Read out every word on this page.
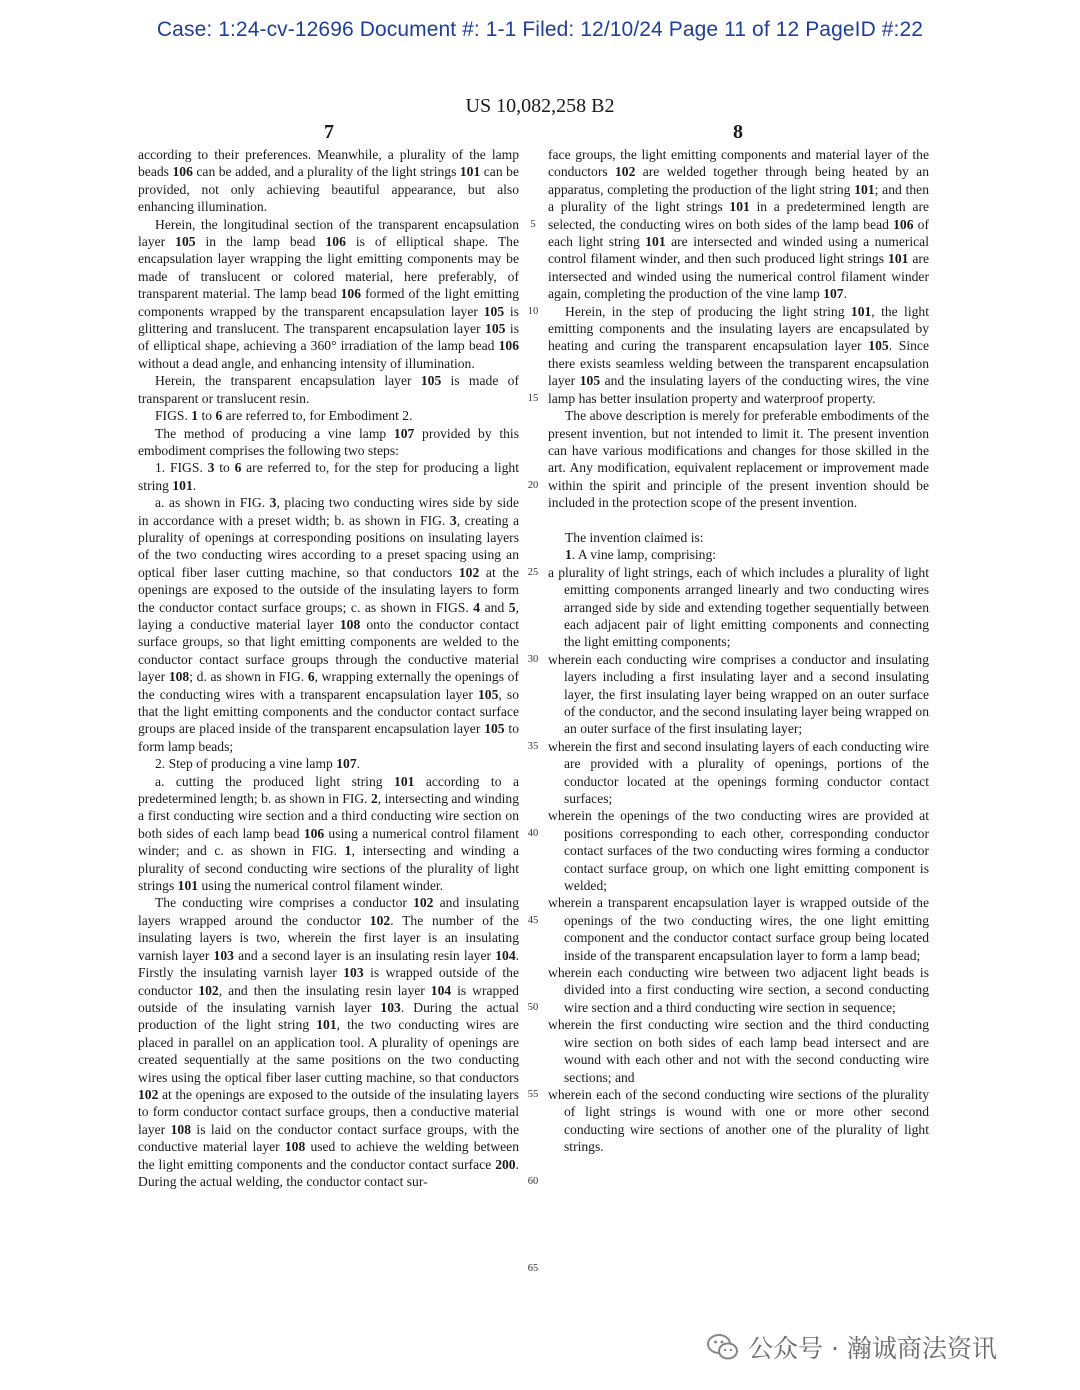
Case: 1:24-cv-12696 Document #: 1-1 Filed: 12/10/24 Page 11 of 12 PageID #:22
US 10,082,258 B2
7	8

according to their preferences. Meanwhile, a plurality of the lamp beads 106 can be added, and a plurality of the light strings 101 can be provided, not only achieving beautiful appearance, but also enhancing illumination.

Herein, the longitudinal section of the transparent encapsulation layer 105 in the lamp bead 106 is of elliptical shape. The encapsulation layer wrapping the light emitting components may be made of translucent or colored material, here preferably, of transparent material. The lamp bead 106 formed of the light emitting components wrapped by the transparent encapsulation layer 105 is glittering and translucent. The transparent encapsulation layer 105 is of elliptical shape, achieving a 360° irradiation of the lamp bead 106 without a dead angle, and enhancing intensity of illumination.

Herein, the transparent encapsulation layer 105 is made of transparent or translucent resin.

FIGS. 1 to 6 are referred to, for Embodiment 2.

The method of producing a vine lamp 107 provided by this embodiment comprises the following two steps:

1. FIGS. 3 to 6 are referred to, for the step for producing a light string 101.

a. as shown in FIG. 3, placing two conducting wires side by side in accordance with a preset width; b. as shown in FIG. 3, creating a plurality of openings at corresponding positions on insulating layers of the two conducting wires according to a preset spacing using an optical fiber laser cutting machine, so that conductors 102 at the openings are exposed to the outside of the insulating layers to form the conductor contact surface groups; c. as shown in FIGS. 4 and 5, laying a conductive material layer 108 onto the conductor contact surface groups, so that light emitting components are welded to the conductor contact surface groups through the conductive material layer 108; d. as shown in FIG. 6, wrapping externally the openings of the conducting wires with a transparent encapsulation layer 105, so that the light emitting components and the conductor contact surface groups are placed inside of the transparent encapsulation layer 105 to form lamp beads;

2. Step of producing a vine lamp 107.

a. cutting the produced light string 101 according to a predetermined length; b. as shown in FIG. 2, intersecting and winding a first conducting wire section and a third conducting wire section on both sides of each lamp bead 106 using a numerical control filament winder; and c. as shown in FIG. 1, intersecting and winding a plurality of second conducting wire sections of the plurality of light strings 101 using the numerical control filament winder.

The conducting wire comprises a conductor 102 and insulating layers wrapped around the conductor 102. The number of the insulating layers is two, wherein the first layer is an insulating varnish layer 103 and a second layer is an insulating resin layer 104. Firstly the insulating varnish layer 103 is wrapped outside of the conductor 102, and then the insulating resin layer 104 is wrapped outside of the insulating varnish layer 103. During the actual production of the light string 101, the two conducting wires are placed in parallel on an application tool. A plurality of openings are created sequentially at the same positions on the two conducting wires using the optical fiber laser cutting machine, so that conductors 102 at the openings are exposed to the outside of the insulating layers to form conductor contact surface groups, then a conductive material layer 108 is laid on the conductor contact surface groups, with the conductive material layer 108 used to achieve the welding between the light emitting components and the conductor contact surface 200. During the actual welding, the conductor contact sur-

face groups, the light emitting components and material layer of the conductors 102 are welded together through being heated by an apparatus, completing the production of the light string 101; and then a plurality of the light strings 101 in a predetermined length are selected, the conducting wires on both sides of the lamp bead 106 of each light string 101 are intersected and winded using a numerical control filament winder, and then such produced light strings 101 are intersected and winded using the numerical control filament winder again, completing the production of the vine lamp 107.

Herein, in the step of producing the light string 101, the light emitting components and the insulating layers are encapsulated by heating and curing the transparent encapsulation layer 105. Since there exists seamless welding between the transparent encapsulation layer 105 and the insulating layers of the conducting wires, the vine lamp has better insulation property and waterproof property.

The above description is merely for preferable embodiments of the present invention, but not intended to limit it. The present invention can have various modifications and changes for those skilled in the art. Any modification, equivalent replacement or improvement made within the spirit and principle of the present invention should be included in the protection scope of the present invention.

The invention claimed is:

1. A vine lamp, comprising:

a plurality of light strings, each of which includes a plurality of light emitting components arranged linearly and two conducting wires arranged side by side and extending together sequentially between each adjacent pair of light emitting components and connecting the light emitting components;

wherein each conducting wire comprises a conductor and insulating layers including a first insulating layer and a second insulating layer, the first insulating layer being wrapped on an outer surface of the conductor, and the second insulating layer being wrapped on an outer surface of the first insulating layer;

wherein the first and second insulating layers of each conducting wire are provided with a plurality of openings, portions of the conductor located at the openings forming conductor contact surfaces;

wherein the openings of the two conducting wires are provided at positions corresponding to each other, corresponding conductor contact surfaces of the two conducting wires forming a conductor contact surface group, on which one light emitting component is welded;

wherein a transparent encapsulation layer is wrapped outside of the openings of the two conducting wires, the one light emitting component and the conductor contact surface group being located inside of the transparent encapsulation layer to form a lamp bead;

wherein each conducting wire between two adjacent light beads is divided into a first conducting wire section, a second conducting wire section and a third conducting wire section in sequence;

wherein the first conducting wire section and the third conducting wire section on both sides of each lamp bead intersect and are wound with each other and not with the second conducting wire sections; and

wherein each of the second conducting wire sections of the plurality of light strings is wound with one or more other second conducting wire sections of another one of the plurality of light strings.

5
10
15
20
25
30
35
40
45
50
55
60
65
公众号 · 瀚诚商法资讯
